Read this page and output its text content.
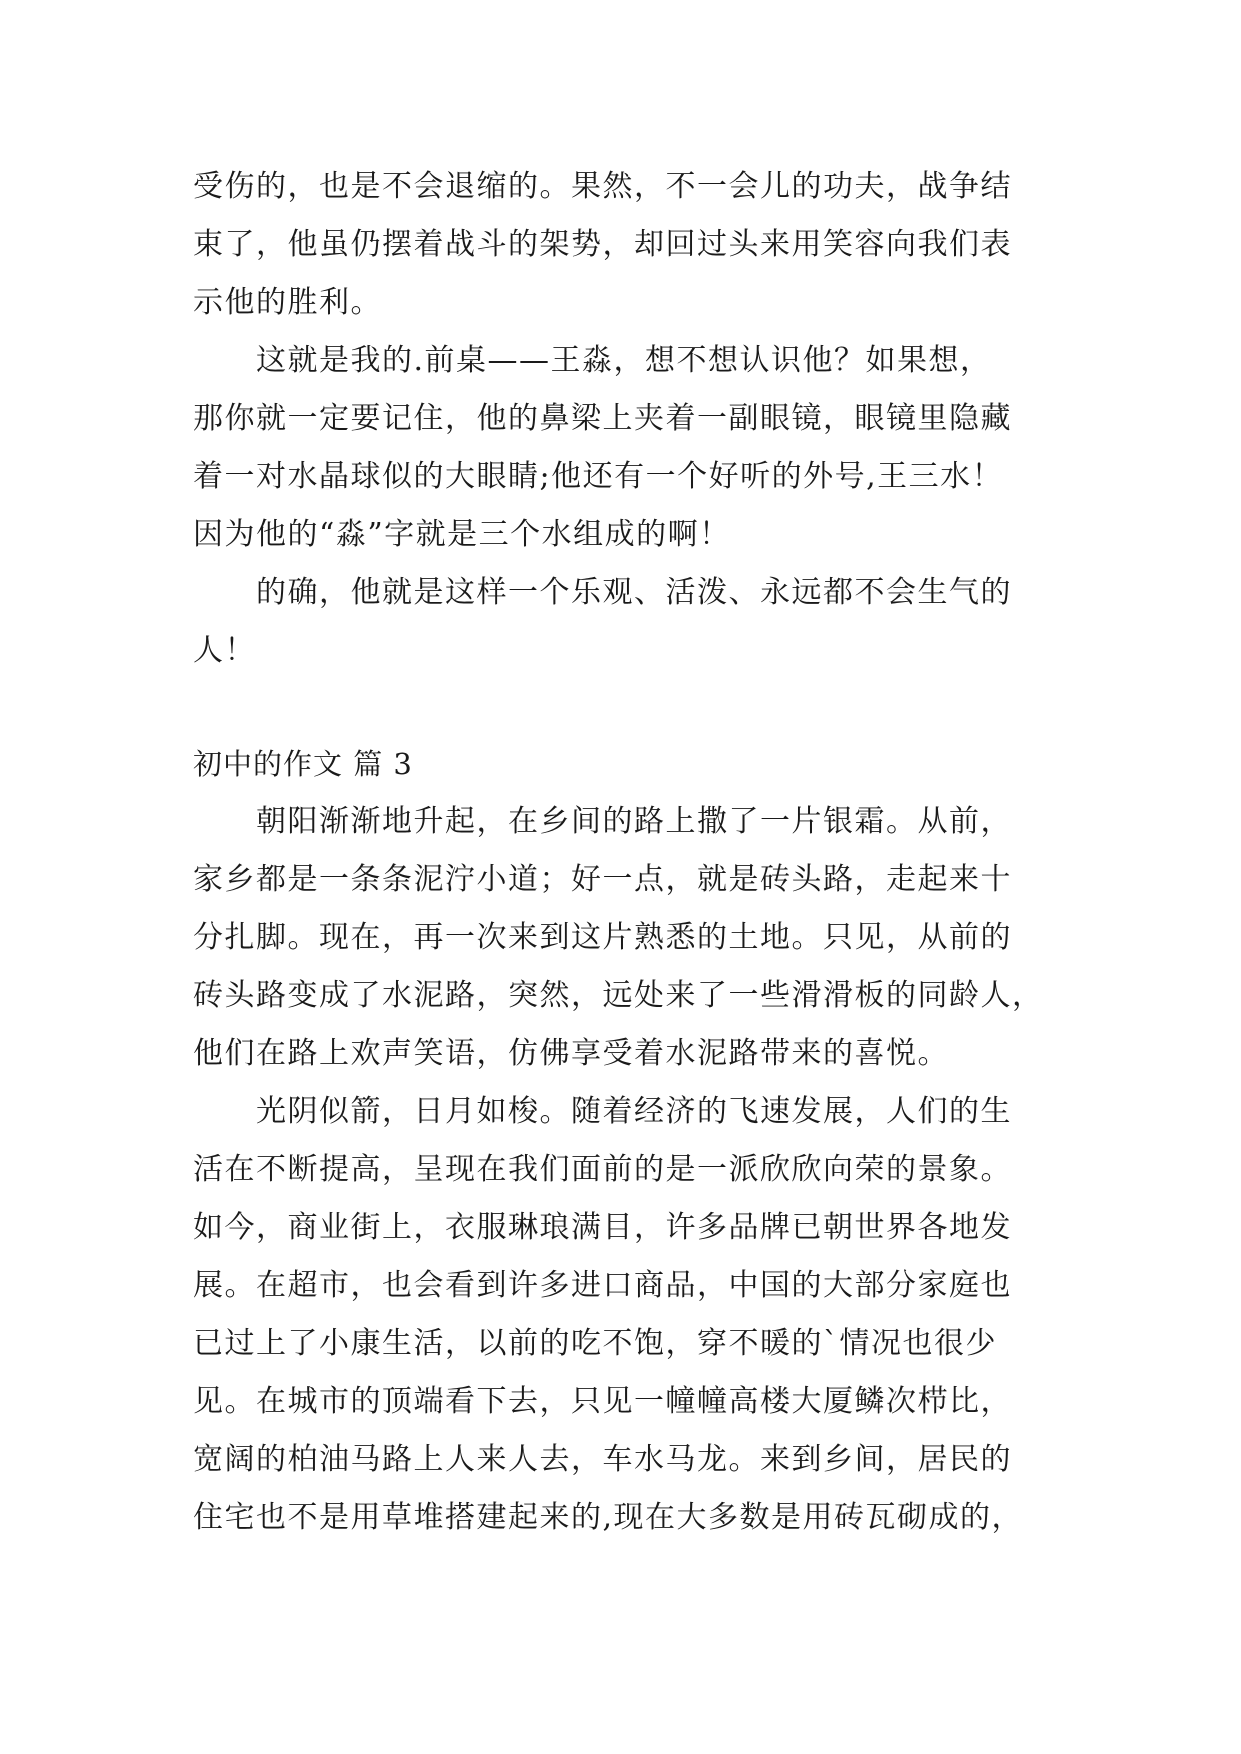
受伤的，也是不会退缩的。果然，不一会儿的功夫，战争结
束了，他虽仍摆着战斗的架势，却回过头来用笑容向我们表
示他的胜利。
　　这就是我的.前桌——王淼，想不想认识他？如果想，
那你就一定要记住，他的鼻梁上夹着一副眼镜，眼镜里隐藏
着一对水晶球似的大眼睛;他还有一个好听的外号,王三水！
因为他的“淼”字就是三个水组成的啊！
　　的确，他就是这样一个乐观、活泼、永远都不会生气的
人！
初中的作文 篇 3
　　朝阳渐渐地升起，在乡间的路上撒了一片银霜。从前，
家乡都是一条条泥泞小道；好一点，就是砖头路，走起来十
分扎脚。现在，再一次来到这片熟悉的土地。只见，从前的
砖头路变成了水泥路，突然，远处来了一些滑滑板的同龄人，
他们在路上欢声笑语，仿佛享受着水泥路带来的喜悦。
　　光阴似箭，日月如梭。随着经济的飞速发展，人们的生
活在不断提高，呈现在我们面前的是一派欣欣向荣的景象。
如今，商业街上，衣服琳琅满目，许多品牌已朝世界各地发
展。在超市，也会看到许多进口商品，中国的大部分家庭也
已过上了小康生活，以前的吃不饱，穿不暖的`情况也很少
见。在城市的顶端看下去，只见一幢幢高楼大厦鳞次栉比，
宽阔的柏油马路上人来人去，车水马龙。来到乡间，居民的
住宅也不是用草堆搭建起来的,现在大多数是用砖瓦砌成的，
